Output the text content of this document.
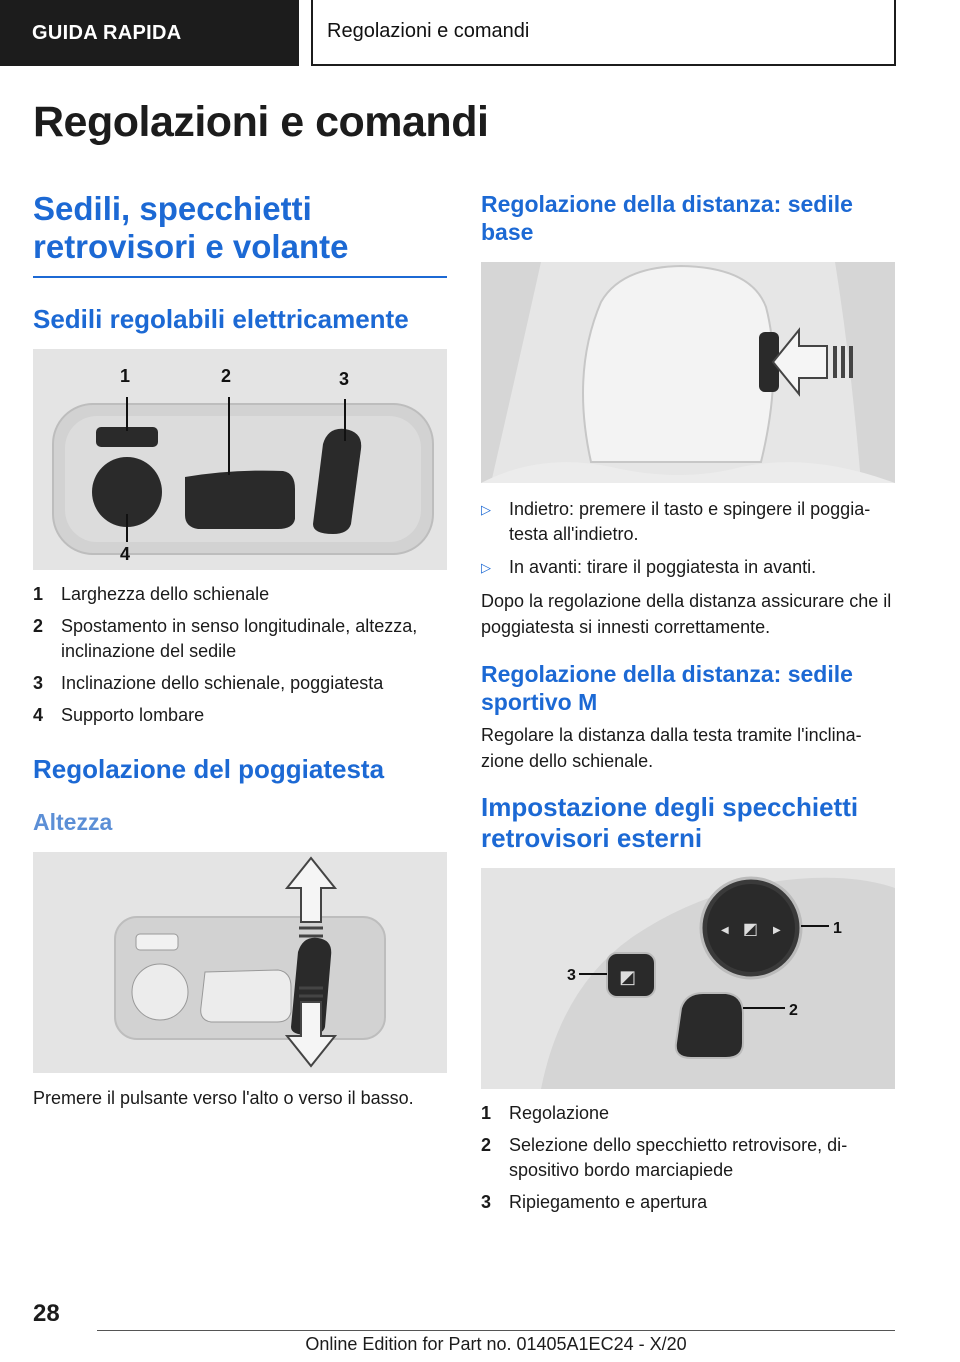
GUIDA RAPIDA	Regolazioni e comandi
Regolazioni e comandi
Sedili, specchietti retrovisori e volante
Sedili regolabili elettricamente
1	2	3
4
1 Larghezza dello schienale
2 Spostamento in senso longitudinale, altezza, inclinazione del sedile
3 Inclinazione dello schienale, poggiatesta
4 Supporto lombare
Regolazione del poggiatesta
Altezza

Premere il pulsante verso l'alto o verso il basso.

Regolazione della distanza: sedile base
▷ Indietro: premere il tasto e spingere il poggiatesta all'indietro.
▷ In avanti: tirare il poggiatesta in avanti.

Dopo la regolazione della distanza assicurare che il poggiatesta si innesti correttamente.

Regolazione della distanza: sedile sportivo M

Regolare la distanza dalla testa tramite l'inclinazione dello schienale.

Impostazione degli specchietti retrovisori esterni
◩
◀	▶
◩
1
2
3
1 Regolazione
2 Selezione dello specchietto retrovisore, dispositivo bordo marciapiede
3 Ripiegamento e apertura
28
Online Edition for Part no. 01405A1EC24 - X/20
